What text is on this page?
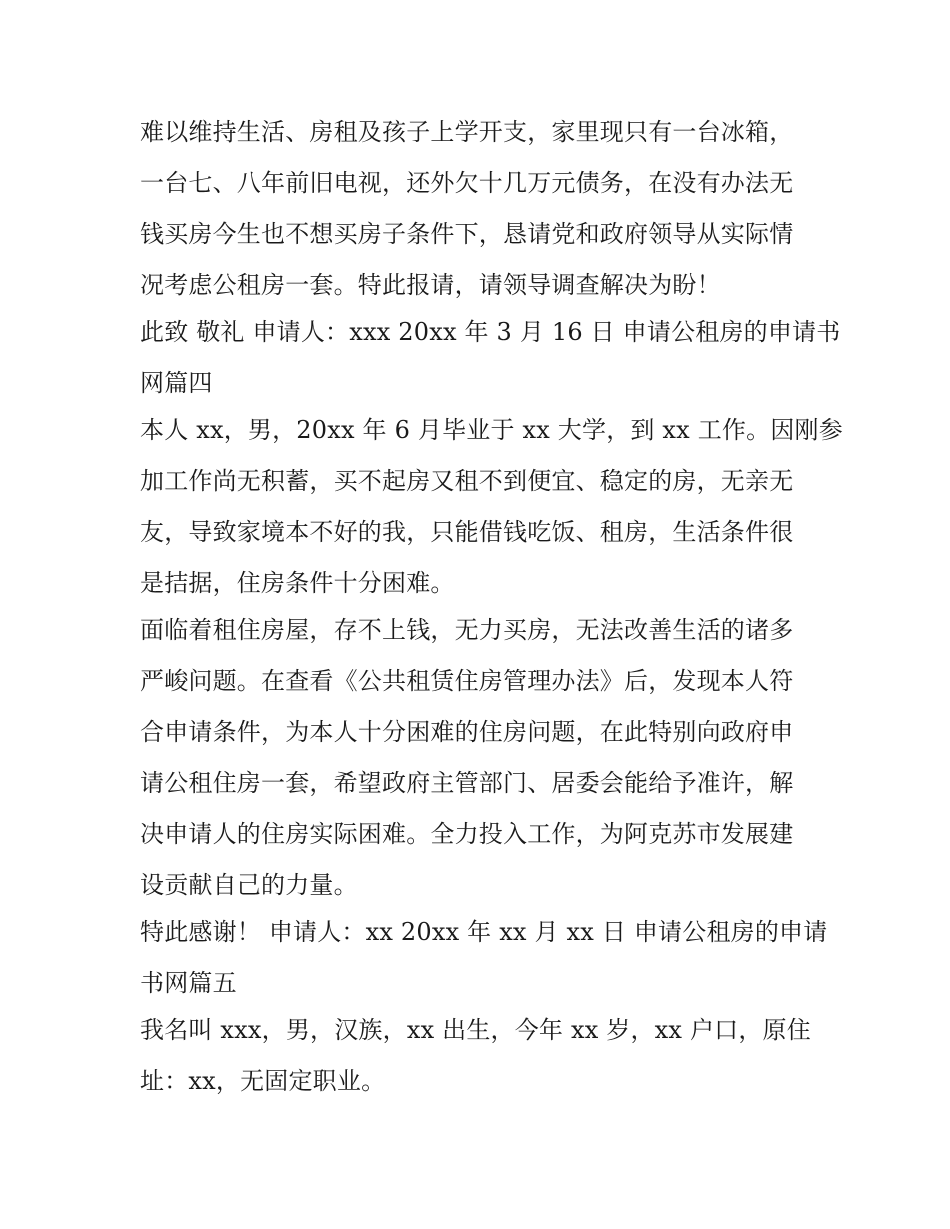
难以维持生活、房租及孩子上学开支，家里现只有一台冰箱，
一台七、八年前旧电视，还外欠十几万元债务，在没有办法无
钱买房今生也不想买房子条件下，恳请党和政府领导从实际情
况考虑公租房一套。特此报请，请领导调查解决为盼！
此致 敬礼 申请人：xxx 20xx 年 3 月 16 日 申请公租房的申请书
网篇四
本人 xx，男，20xx 年 6 月毕业于 xx 大学，到 xx 工作。因刚参
加工作尚无积蓄，买不起房又租不到便宜、稳定的房，无亲无
友，导致家境本不好的我，只能借钱吃饭、租房，生活条件很
是拮据，住房条件十分困难。
面临着租住房屋，存不上钱，无力买房，无法改善生活的诸多
严峻问题。在查看《公共租赁住房管理办法》后，发现本人符
合申请条件，为本人十分困难的住房问题，在此特别向政府申
请公租住房一套，希望政府主管部门、居委会能给予准许，解
决申请人的住房实际困难。全力投入工作，为阿克苏市发展建
设贡献自己的力量。
特此感谢！ 申请人：xx 20xx 年 xx 月 xx 日 申请公租房的申请
书网篇五
我名叫 xxx，男，汉族，xx 出生，今年 xx 岁，xx 户口，原住
址：xx，无固定职业。
